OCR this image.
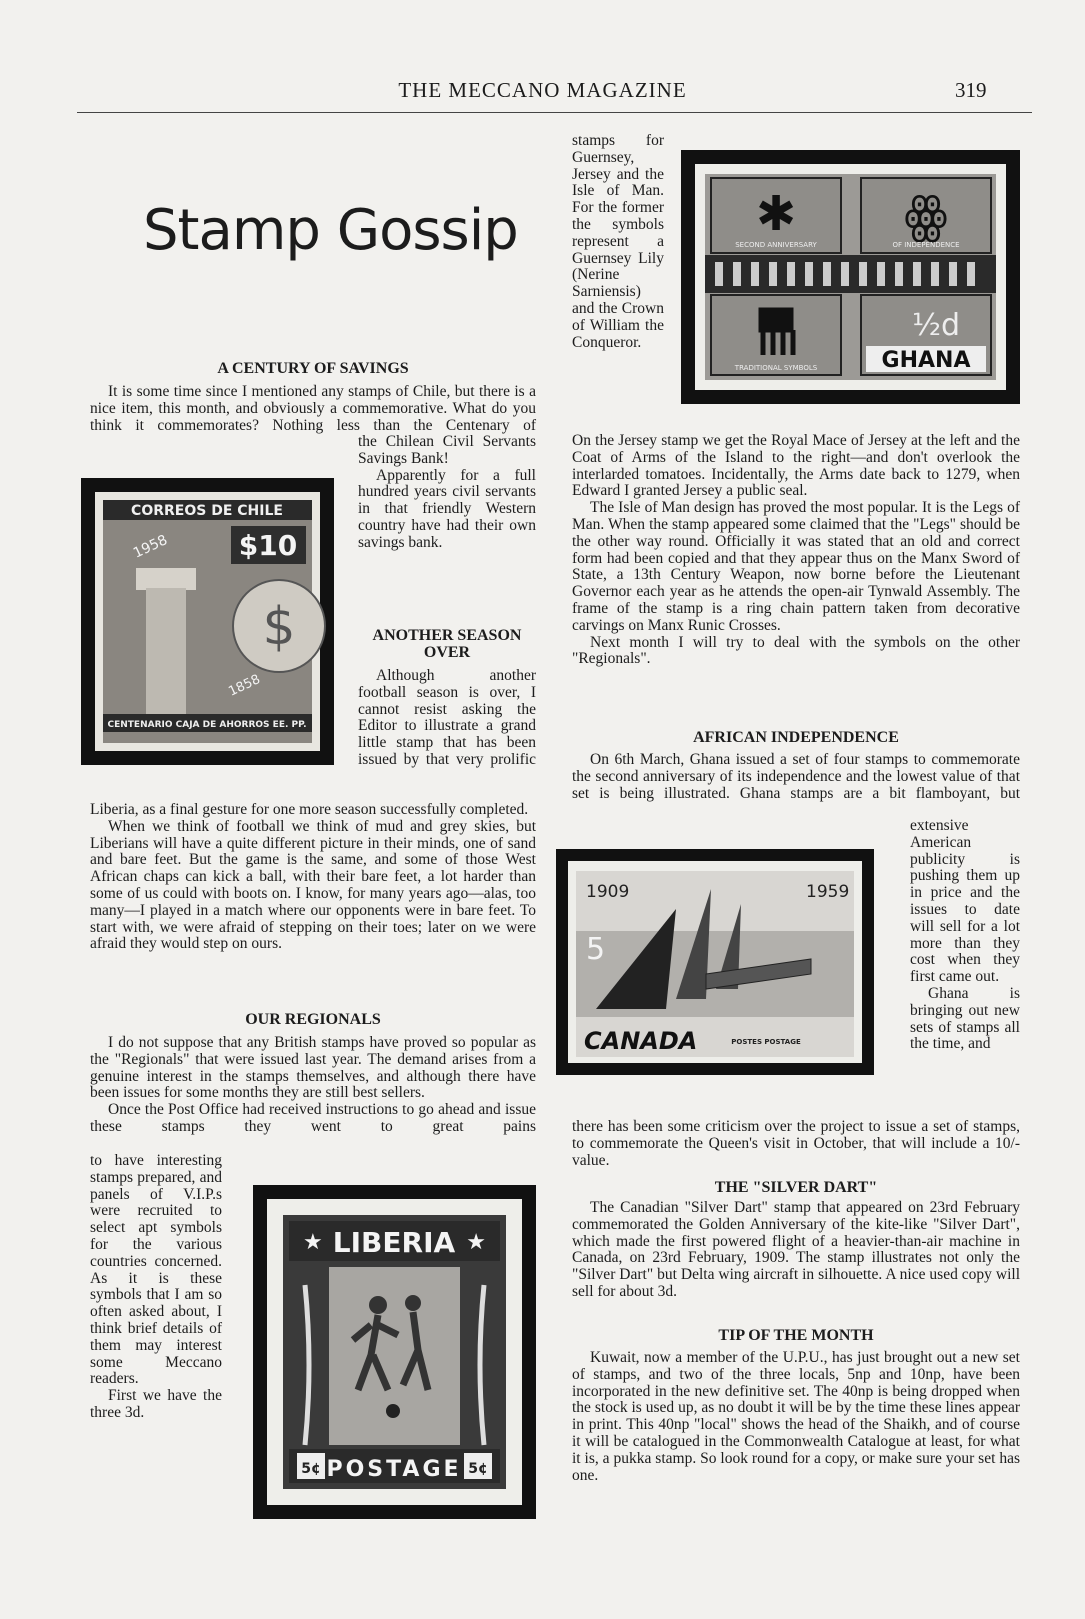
THE MECCANO MAGAZINE	319
Stamp Gossip
A CENTURY OF SAVINGS

It is some time since I mentioned any stamps of Chile, but there is a nice item, this month, and obviously a commemorative. What do you think it commemorates? Nothing less than the Centenary of

CORREOS DE CHILE
$10
1958
$
1858
CENTENARIO CAJA DE AHORROS EE. PP.

the Chilean Civil Servants Savings Bank!

Apparently for a full hundred years civil servants in that friendly Western country have had their own savings bank.

ANOTHER SEASON OVER

Although another football season is over, I cannot resist asking the Editor to illustrate a grand little stamp that has been issued by that very prolific

Liberia, as a final gesture for one more season successfully completed.

When we think of football we think of mud and grey skies, but Liberians will have a quite different picture in their minds, one of sand and bare feet. But the game is the same, and some of those West African chaps can kick a ball, with their bare feet, a lot harder than some of us could with boots on. I know, for many years ago—alas, too many—I played in a match where our opponents were in bare feet. To start with, we were afraid of stepping on their toes; later on we were afraid they would step on ours.

OUR REGIONALS

I do not suppose that any British stamps have proved so popular as the "Regionals" that were issued last year. The demand arises from a genuine interest in the stamps themselves, and although there have been issues for some months they are still best sellers.

Once the Post Office had received instructions to go ahead and issue these stamps they went to great pains

to have interesting stamps prepared, and panels of V.I.P.s were recruited to select apt symbols for the various countries concerned. As it is these symbols that I am so often asked about, I think brief details of them may interest some Meccano readers.

First we have the three 3d.

★	★
LIBERIA
5¢	5¢
POSTAGE

stamps for Guernsey, Jersey and the Isle of Man. For the former the symbols represent a Guernsey Lily (Nerine Sarniensis) and the Crown of William the Conqueror.

✱ ꙮ
SECOND ANNIVERSARY	OF INDEPENDENCE
TRADITIONAL SYMBOLS
½d
GHANA

On the Jersey stamp we get the Royal Mace of Jersey at the left and the Coat of Arms of the Island to the right—and don't overlook the interlarded tomatoes. Incidentally, the Arms date back to 1279, when Edward I granted Jersey a public seal.

The Isle of Man design has proved the most popular. It is the Legs of Man. When the stamp appeared some claimed that the "Legs" should be the other way round. Officially it was stated that an old and correct form had been copied and that they appear thus on the Manx Sword of State, a 13th Century Weapon, now borne before the Lieutenant Governor each year as he attends the open-air Tynwald Assembly. The frame of the stamp is a ring chain pattern taken from decorative carvings on Manx Runic Crosses.

Next month I will try to deal with the symbols on the other "Regionals".

AFRICAN INDEPENDENCE

On 6th March, Ghana issued a set of four stamps to commemorate the second anniversary of its independence and the lowest value of that set is being illustrated. Ghana stamps are a bit flamboyant, but

1909	1959
5
CANADA	POSTES POSTAGE

extensive American publicity is pushing them up in price and the issues to date will sell for a lot more than they cost when they first came out.

Ghana is bringing out new sets of stamps all the time, and

there has been some criticism over the project to issue a set of stamps, to commemorate the Queen's visit in October, that will include a 10/- value.

THE "SILVER DART"

The Canadian "Silver Dart" stamp that appeared on 23rd February commemorated the Golden Anniversary of the kite-like "Silver Dart", which made the first powered flight of a heavier-than-air machine in Canada, on 23rd February, 1909. The stamp illustrates not only the "Silver Dart" but Delta wing aircraft in silhouette. A nice used copy will sell for about 3d.

TIP OF THE MONTH

Kuwait, now a member of the U.P.U., has just brought out a new set of stamps, and two of the three locals, 5np and 10np, have been incorporated in the new definitive set. The 40np is being dropped when the stock is used up, as no doubt it will be by the time these lines appear in print. This 40np "local" shows the head of the Shaikh, and of course it will be catalogued in the Commonwealth Catalogue at least, for what it is, a pukka stamp. So look round for a copy, or make sure your set has one.
